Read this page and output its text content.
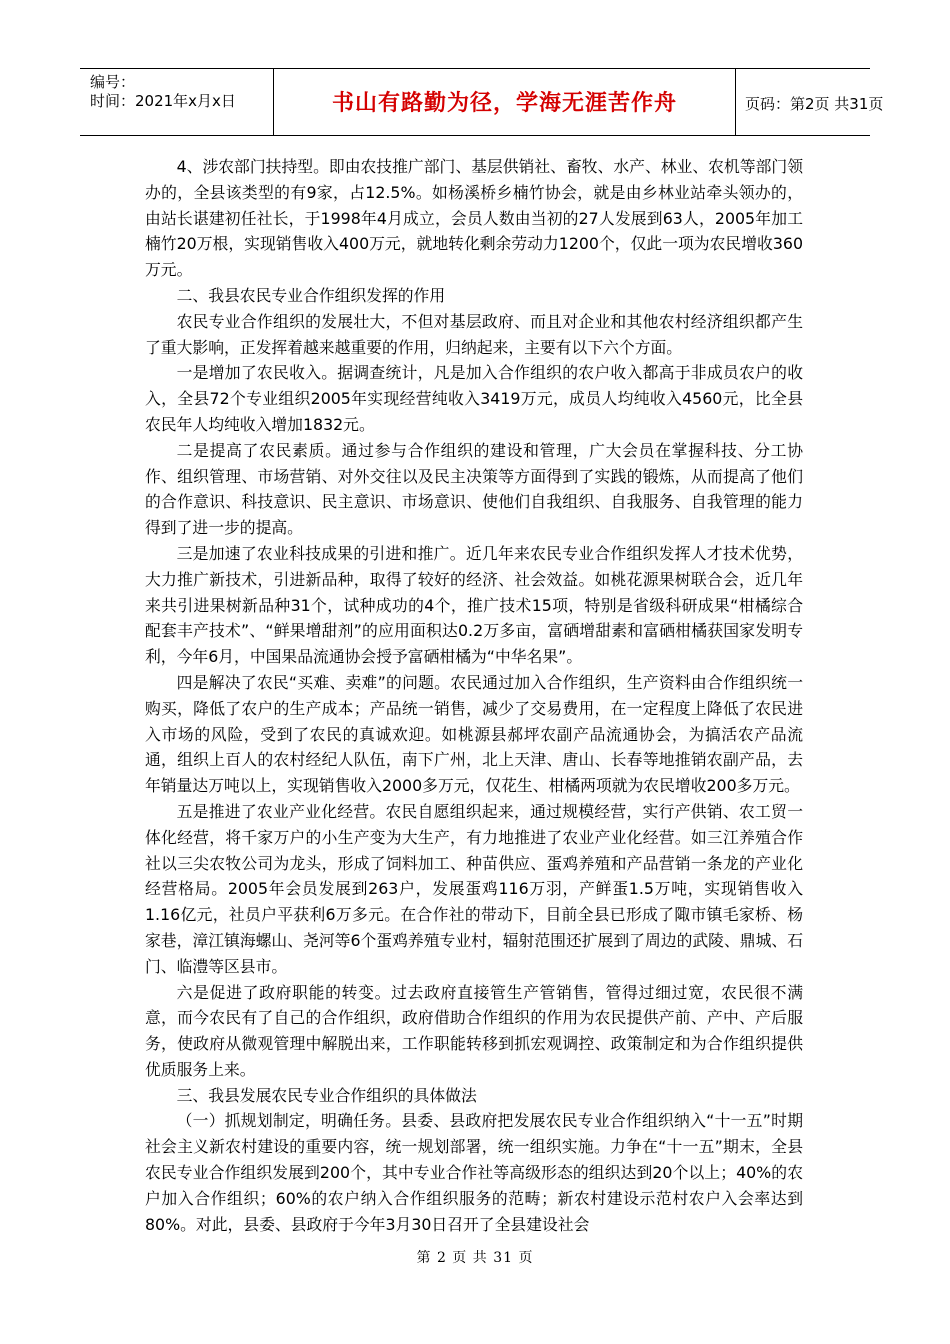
编号：
时间：2021年x月x日	书山有路勤为径，学海无涯苦作舟	页码：第2页 共31页

4、涉农部门扶持型。即由农技推广部门、基层供销社、畜牧、水产、林业、农机等部门领办的，全县该类型的有9家，占12.5%。如杨溪桥乡楠竹协会，就是由乡林业站牵头领办的，由站长谌建初任社长，于1998年4月成立，会员人数由当初的27人发展到63人，2005年加工楠竹20万根，实现销售收入400万元，就地转化剩余劳动力1200个，仅此一项为农民增收360万元。

二、我县农民专业合作组织发挥的作用

农民专业合作组织的发展壮大，不但对基层政府、而且对企业和其他农村经济组织都产生了重大影响，正发挥着越来越重要的作用，归纳起来，主要有以下六个方面。

一是增加了农民收入。据调查统计，凡是加入合作组织的农户收入都高于非成员农户的收入，全县72个专业组织2005年实现经营纯收入3419万元，成员人均纯收入4560元，比全县农民年人均纯收入增加1832元。

二是提高了农民素质。通过参与合作组织的建设和管理，广大会员在掌握科技、分工协作、组织管理、市场营销、对外交往以及民主决策等方面得到了实践的锻炼，从而提高了他们的合作意识、科技意识、民主意识、市场意识、使他们自我组织、自我服务、自我管理的能力得到了进一步的提高。

三是加速了农业科技成果的引进和推广。近几年来农民专业合作组织发挥人才技术优势，大力推广新技术，引进新品种，取得了较好的经济、社会效益。如桃花源果树联合会，近几年来共引进果树新品种31个，试种成功的4个，推广技术15项，特别是省级科研成果“柑橘综合配套丰产技术”、“鲜果增甜剂”的应用面积达0.2万多亩，富硒增甜素和富硒柑橘获国家发明专利，今年6月，中国果品流通协会授予富硒柑橘为“中华名果”。

四是解决了农民“买难、卖难”的问题。农民通过加入合作组织，生产资料由合作组织统一购买，降低了农户的生产成本；产品统一销售，减少了交易费用，在一定程度上降低了农民进入市场的风险，受到了农民的真诚欢迎。如桃源县郝坪农副产品流通协会，为搞活农产品流通，组织上百人的农村经纪人队伍，南下广州，北上天津、唐山、长春等地推销农副产品，去年销量达万吨以上，实现销售收入2000多万元，仅花生、柑橘两项就为农民增收200多万元。

五是推进了农业产业化经营。农民自愿组织起来，通过规模经营，实行产供销、农工贸一体化经营，将千家万户的小生产变为大生产，有力地推进了农业产业化经营。如三江养殖合作社以三尖农牧公司为龙头，形成了饲料加工、种苗供应、蛋鸡养殖和产品营销一条龙的产业化经营格局。2005年会员发展到263户，发展蛋鸡116万羽，产鲜蛋1.5万吨，实现销售收入1.16亿元，社员户平获利6万多元。在合作社的带动下，目前全县已形成了陬市镇毛家桥、杨家巷，漳江镇海螺山、尧河等6个蛋鸡养殖专业村，辐射范围还扩展到了周边的武陵、鼎城、石门、临澧等区县市。

六是促进了政府职能的转变。过去政府直接管生产管销售，管得过细过宽，农民很不满意，而今农民有了自己的合作组织，政府借助合作组织的作用为农民提供产前、产中、产后服务，使政府从微观管理中解脱出来，工作职能转移到抓宏观调控、政策制定和为合作组织提供优质服务上来。

三、我县发展农民专业合作组织的具体做法

（一）抓规划制定，明确任务。县委、县政府把发展农民专业合作组织纳入“十一五”时期社会主义新农村建设的重要内容，统一规划部署，统一组织实施。力争在“十一五”期末，全县农民专业合作组织发展到200个，其中专业合作社等高级形态的组织达到20个以上；40%的农户加入合作组织；60%的农户纳入合作组织服务的范畴；新农村建设示范村农户入会率达到80%。对此，县委、县政府于今年3月30日召开了全县建设社会

第 2 页 共 31 页
